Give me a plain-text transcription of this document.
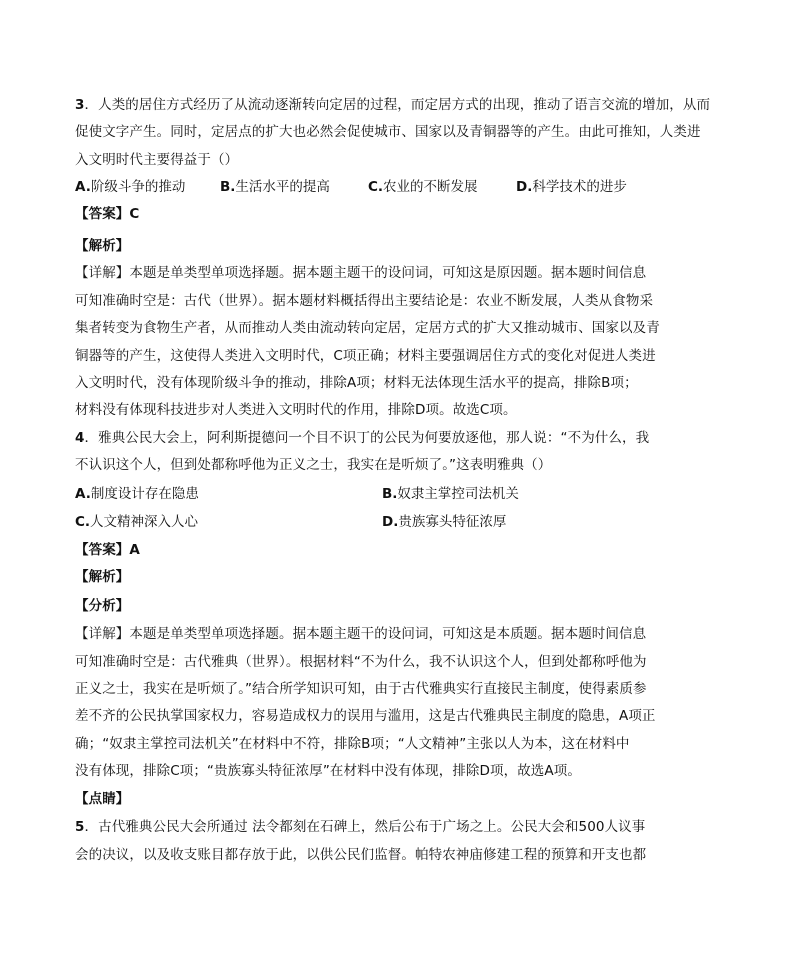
3．人类的居住方式经历了从流动逐渐转向定居的过程，而定居方式的出现，推动了语言交流的增加，从而
促使文字产生。同时，定居点的扩大也必然会促使城市、国家以及青铜器等的产生。由此可推知，人类进
入文明时代主要得益于（）
A.阶级斗争的推动	B.生活水平的提高	C.农业的不断发展	D.科学技术的进步
【答案】C
【解析】
【详解】本题是单类型单项选择题。据本题主题干的设问词，可知这是原因题。据本题时间信息
可知准确时空是：古代（世界）。据本题材料概括得出主要结论是：农业不断发展，人类从食物采
集者转变为食物生产者，从而推动人类由流动转向定居，定居方式的扩大又推动城市、国家以及青
铜器等的产生，这使得人类进入文明时代，C项正确；材料主要强调居住方式的变化对促进人类进
入文明时代，没有体现阶级斗争的推动，排除A项；材料无法体现生活水平的提高，排除B项；
材料没有体现科技进步对人类进入文明时代的作用，排除D项。故选C项。
4．雅典公民大会上，阿利斯提德问一个目不识丁的公民为何要放逐他，那人说：“不为什么，我
不认识这个人，但到处都称呼他为正义之士，我实在是听烦了。”这表明雅典（）
A.制度设计存在隐患	B.奴隶主掌控司法机关
C.人文精神深入人心	D.贵族寡头特征浓厚
【答案】A
【解析】
【分析】
【详解】本题是单类型单项选择题。据本题主题干的设问词，可知这是本质题。据本题时间信息
可知准确时空是：古代雅典（世界）。根据材料“不为什么，我不认识这个人，但到处都称呼他为
正义之士，我实在是听烦了。”结合所学知识可知，由于古代雅典实行直接民主制度，使得素质参
差不齐的公民执掌国家权力，容易造成权力的误用与滥用，这是古代雅典民主制度的隐患，A项正
确；“奴隶主掌控司法机关”在材料中不符，排除B项；“人文精神”主张以人为本，这在材料中
没有体现，排除C项；“贵族寡头特征浓厚”在材料中没有体现，排除D项，故选A项。
【点睛】
5．古代雅典公民大会所通过 法令都刻在石碑上，然后公布于广场之上。公民大会和500人议事
会的决议，以及收支账目都存放于此，以供公民们监督。帕特农神庙修建工程的预算和开支也都
